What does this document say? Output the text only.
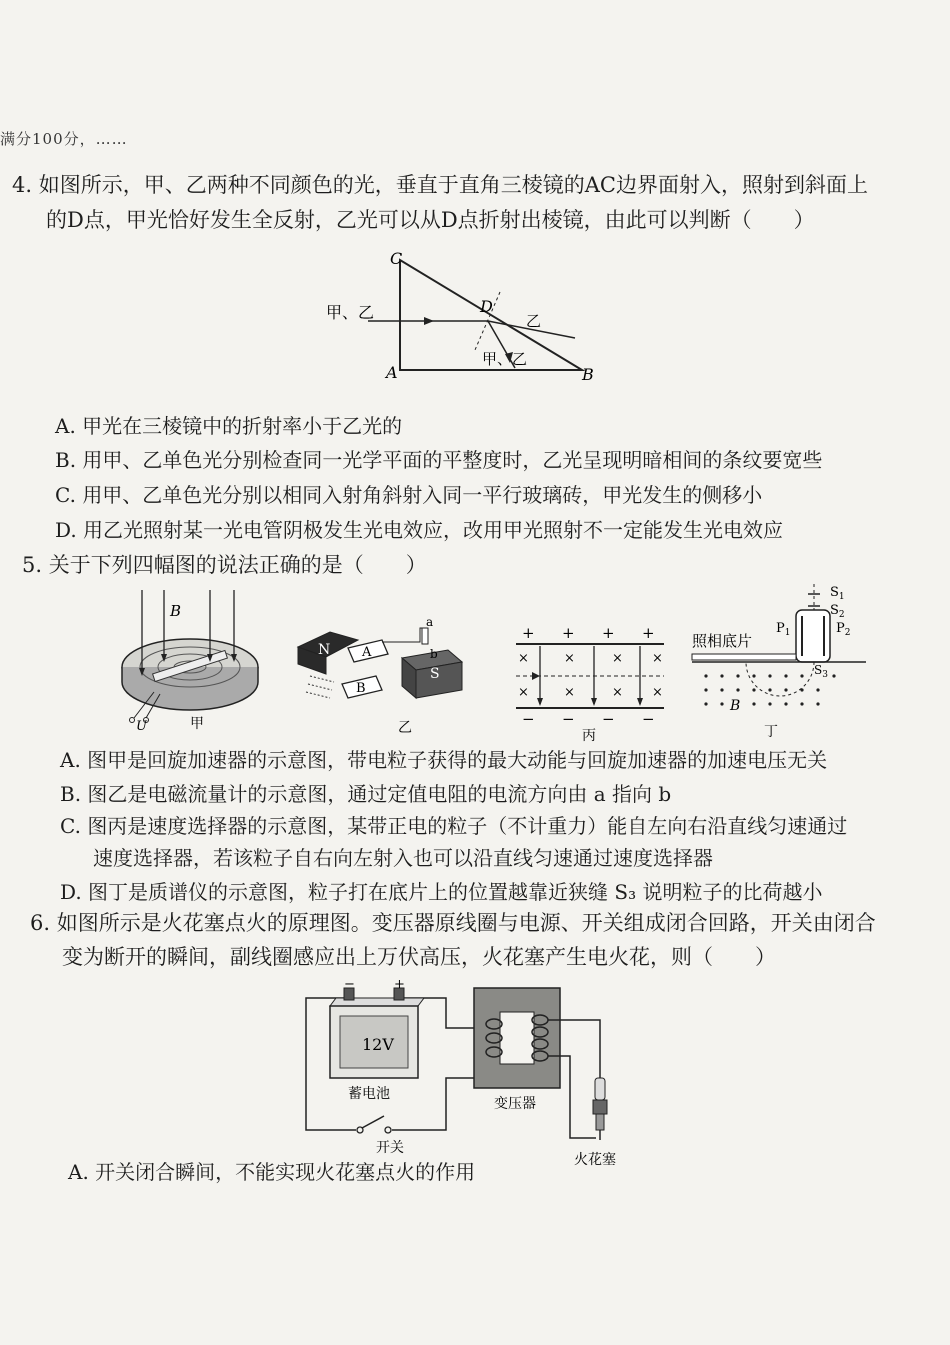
满分100分，……
4. 如图所示，甲、乙两种不同颜色的光，垂直于直角三棱镜的AC边界面射入，照射到斜面上
的D点，甲光恰好发生全反射，乙光可以从D点折射出棱镜，由此可以判断（　　）
C
A	B
D
甲、乙	乙
甲、乙
A. 甲光在三棱镜中的折射率小于乙光的
B. 用甲、乙单色光分别检查同一光学平面的平整度时，乙光呈现明暗相间的条纹要宽些
C. 用甲、乙单色光分别以相同入射角斜射入同一平行玻璃砖，甲光发生的侧移小
D. 用乙光照射某一光电管阴极发生光电效应，改用甲光照射不一定能发生光电效应
5. 关于下列四幅图的说法正确的是（　　）
B
U	甲
N A
B
S
a
b
乙
+ + + +
− − − −
×	×	× ×
×	×	× ×
丙
$S_1$
$S_2$
$P_1$	$P_2$
照相底片
$S_3$
B
丁
A. 图甲是回旋加速器的示意图，带电粒子获得的最大动能与回旋加速器的加速电压无关
B. 图乙是电磁流量计的示意图，通过定值电阻的电流方向由 a 指向 b
C. 图丙是速度选择器的示意图，某带正电的粒子（不计重力）能自左向右沿直线匀速通过
速度选择器，若该粒子自右向左射入也可以沿直线匀速通过速度选择器
D. 图丁是质谱仪的示意图，粒子打在底片上的位置越靠近狭缝 S₃ 说明粒子的比荷越小
6. 如图所示是火花塞点火的原理图。变压器原线圈与电源、开关组成闭合回路，开关由闭合
变为断开的瞬间，副线圈感应出上万伏高压，火花塞产生电火花，则（　　）
开关
−	+
12V
蓄电池
变压器
火花塞
A. 开关闭合瞬间，不能实现火花塞点火的作用
